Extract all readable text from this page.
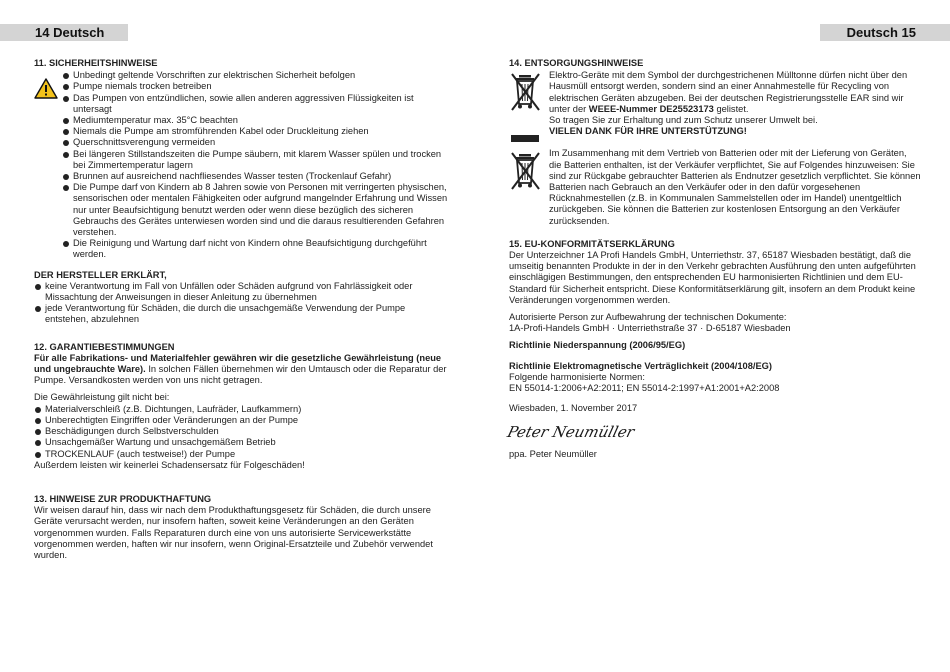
14 Deutsch	Deutsch 15

11. SICHERHEITSHINWEISE

Unbedingt geltende Vorschriften zur elektrischen Sicherheit befolgen
Pumpe niemals trocken betreiben
Das Pumpen von entzündlichen, sowie allen anderen aggressiven Flüssigkeiten ist untersagt
Mediumtemperatur max. 35°C beachten
Niemals die Pumpe am stromführenden Kabel oder Druckleitung ziehen
Querschnittsverengung vermeiden
Bei längeren Stillstandszeiten die Pumpe säubern, mit klarem Wasser spülen und trocken bei Zimmertemperatur lagern
Brunnen auf ausreichend nachfliesendes Wasser testen (Trockenlauf Gefahr)
Die Pumpe darf von Kindern ab 8 Jahren sowie von Personen mit verringerten physischen, sensorischen oder mentalen Fähigkeiten oder aufgrund mangelnder Erfahrung und Wissen nur unter Beaufsichtigung benutzt werden oder wenn diese bezüglich des sicheren Gebrauchs des Gerätes unterwiesen worden sind und die daraus resultierenden Gefahren verstehen.
Die Reinigung und Wartung darf nicht von Kindern ohne Beaufsichtigung durchgeführt werden.

DER HERSTELLER ERKLÄRT,

keine Verantwortung im Fall von Unfällen oder Schäden aufgrund von Fahrlässigkeit oder Missachtung der Anweisungen in dieser Anleitung zu übernehmen
jede Verantwortung für Schäden, die durch die unsachgemäße Verwendung der Pumpe entstehen, abzulehnen

12. GARANTIEBESTIMMUNGEN

Für alle Fabrikations- und Materialfehler gewähren wir die gesetzliche Gewährleistung (neue und ungebrauchte Ware). In solchen Fällen übernehmen wir den Umtausch oder die Reparatur der Pumpe. Versandkosten werden von uns nicht getragen.

Die Gewährleistung gilt nicht bei:

Materialverschleiß (z.B. Dichtungen, Laufräder, Laufkammern)
Unberechtigten Eingriffen oder Veränderungen an der Pumpe
Beschädigungen durch Selbstverschulden
Unsachgemäßer Wartung und unsachgemäßem Betrieb
TROCKENLAUF (auch testweise!) der Pumpe

Außerdem leisten wir keinerlei Schadensersatz für Folgeschäden!

13. HINWEISE ZUR PRODUKTHAFTUNG

Wir weisen darauf hin, dass wir nach dem Produkthaftungsgesetz für Schäden, die durch unsere Geräte verursacht werden, nur insofern haften, soweit keine Veränderungen an den Geräten vorgenommen wurden. Falls Reparaturen durch eine von uns autorisierte Servicewerkstätte vorgenommen werden, haften wir nur insofern, wenn Original-Ersatzteile und Zubehör verwendet wurden.

14. ENTSORGUNGSHINWEISE

Elektro-Geräte mit dem Symbol der durchgestrichenen Mülltonne dürfen nicht über den Hausmüll entsorgt werden, sondern sind an einer Annahmestelle für Recycling von elektrischen Geräten abzugeben. Bei der deutschen Registrierungsstelle EAR sind wir unter der WEEE-Nummer DE25523173 gelistet.

So tragen Sie zur Erhaltung und zum Schutz unserer Umwelt bei.

VIELEN DANK FÜR IHRE UNTERSTÜTZUNG!

Im Zusammenhang mit dem Vertrieb von Batterien oder mit der Lieferung von Geräten, die Batterien enthalten, ist der Verkäufer verpflichtet, Sie auf Folgendes hinzuweisen: Sie sind zur Rückgabe gebrauchter Batterien als Endnutzer gesetzlich verpflichtet. Sie können Batterien nach Gebrauch an den Verkäufer oder in den dafür vorgesehenen Rücknahmestellen (z.B. in Kommunalen Sammelstellen oder im Handel) unentgeltlich zurückgeben. Sie können die Batterien zur kostenlosen Entsorgung an den Verkäufer zurücksenden.

15. EU-KONFORMITÄTSERKLÄRUNG

Der Unterzeichner 1A Profi Handels GmbH, Unterriethstr. 37, 65187 Wiesbaden bestätigt, daß die umseitig benannten Produkte in der in den Verkehr gebrachten Ausführung den unten aufgeführten einschlägigen Bestimmungen, den entsprechenden EU harmonisierten Richtlinien und dem EU-Standard für Sicherheit entspricht. Diese Konformitätserklärung gilt, insofern an dem Produkt keine Veränderungen vorgenommen werden.

Autorisierte Person zur Aufbewahrung der technischen Dokumente:

1A-Profi-Handels GmbH · Unterriethstraße 37 · D-65187 Wiesbaden

Richtlinie Niederspannung (2006/95/EG)

Richtlinie Elektromagnetische Verträglichkeit (2004/108/EG)

Folgende harmonisierte Normen:

EN 55014-1:2006+A2:2011; EN 55014-2:1997+A1:2001+A2:2008

Wiesbaden, 1. November 2017

Peter Neumüller

ppa. Peter Neumüller
